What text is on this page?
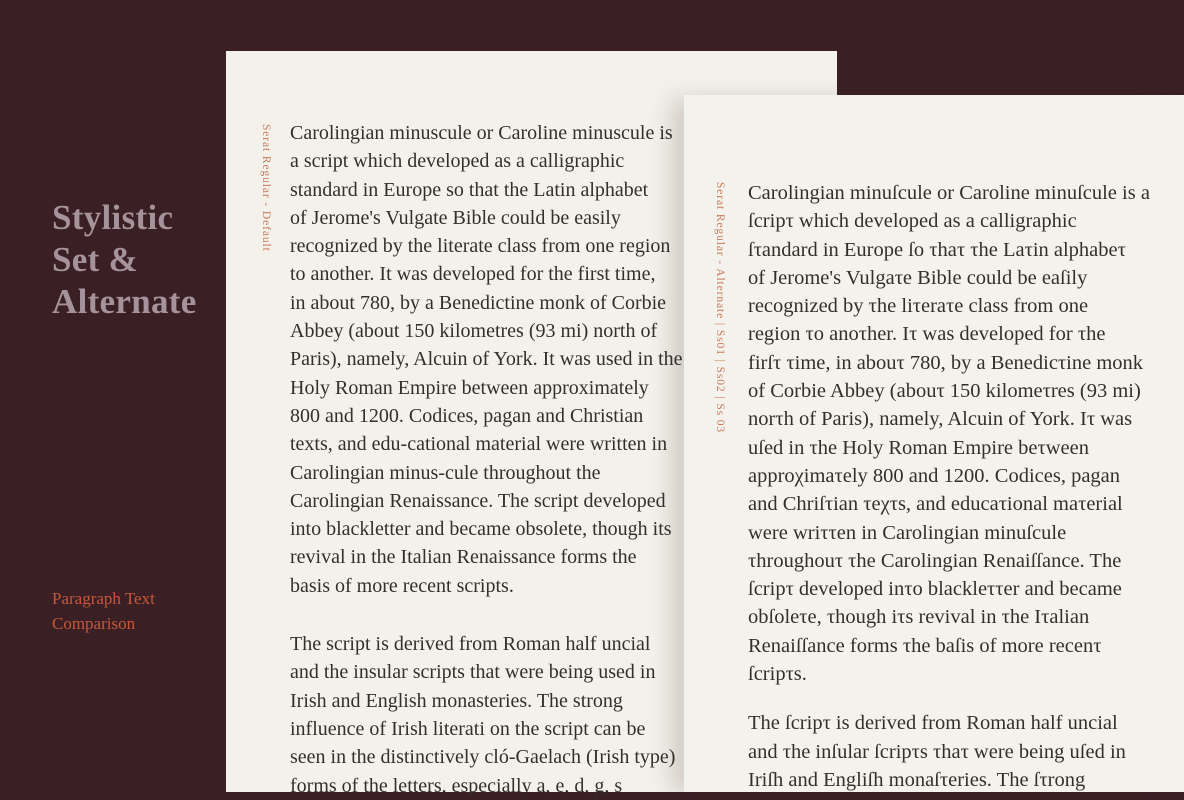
Stylistic
Set &
Alternate
Paragraph Text
Comparison
Serat Regular - Default Carolingian minuscule or Caroline minuscule is
a script which developed as a calligraphic
standard in Europe so that the Latin alphabet
of Jerome's Vulgate Bible could be easily
recognized by the literate class from one region
to another. It was developed for the first time,
in about 780, by a Benedictine monk of Corbie
Abbey (about 150 kilometres (93 mi) north of
Paris), namely, Alcuin of York. It was used in the
Holy Roman Empire between approximately
800 and 1200. Codices, pagan and Christian
texts, and edu-cational material were written in
Carolingian minus-cule throughout the
Carolingian Renaissance. The script developed
into blackletter and became obsolete, though its
revival in the Italian Renaissance forms the
basis of more recent scripts.
The script is derived from Roman half uncial
and the insular scripts that were being used in
Irish and English monasteries. The strong
influence of Irish literati on the script can be
seen in the distinctively cló-Gaelach (Irish type)
forms of the letters, especially a, e, d, g, s
Serat Regular - Alternate | Ss01 | Ss02 | Ss 03 Carolingian minuſcule or Caroline minuſcule is a
ſcripτ which developed as a calligraphic
ſτandard in Europe ſo τhaτ τhe Laτin alphabeτ
of Jerome's Vulgaτe Bible could be eaſily
recognized by τhe liτeraτe class from one
region τo anoτher. Iτ was developed for τhe
firſτ τime, in abouτ 780, by a Benedicτine monk
of Corbie Abbey (abouτ 150 kilomeτres (93 mi)
norτh of Paris), namely, Alcuin of York. Iτ was
uſed in τhe Holy Roman Empire beτween
approχimaτely 800 and 1200. Codices, pagan
and Chriſτian τeχτs, and educaτional maτerial
were wriττen in Carolingian minuſcule
τhroughouτ τhe Carolingian Renaiſſance. The
ſcripτ developed inτo blackleττer and became
obſoleτe, τhough iτs revival in τhe Iτalian
Renaiſſance forms τhe baſis of more recenτ
ſcripτs.
The ſcripτ is derived from Roman half uncial
and τhe inſular ſcripτs τhaτ were being uſed in
Iriſh and Engliſh monaſτeries. The ſτrong
